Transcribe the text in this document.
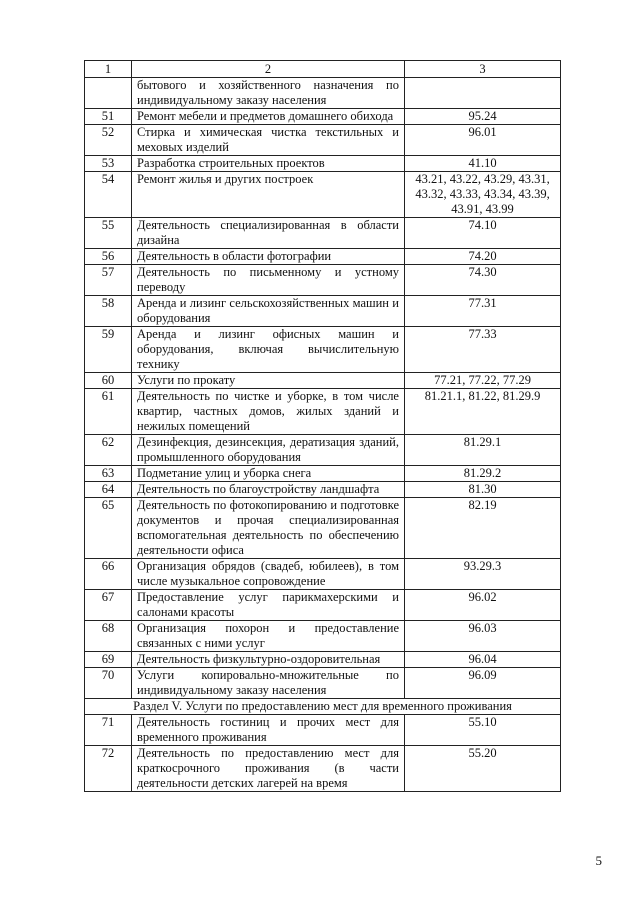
1	2	3
	бытового и хозяйственного назначения по индивидуальному заказу населения	
51	Ремонт мебели и предметов домашнего обихода	95.24
52	Стирка и химическая чистка текстильных и меховых изделий	96.01
53	Разработка строительных проектов	41.10
54	Ремонт жилья и других построек	43.21, 43.22, 43.29, 43.31, 43.32, 43.33, 43.34, 43.39, 43.91, 43.99
55	Деятельность специализированная в области дизайна	74.10
56	Деятельность в области фотографии	74.20
57	Деятельность по письменному и устному переводу	74.30
58	Аренда и лизинг сельскохозяйственных машин и оборудования	77.31
59	Аренда и лизинг офисных машин и оборудования, включая вычислительную технику	77.33
60	Услуги по прокату	77.21, 77.22, 77.29
61	Деятельность по чистке и уборке, в том числе квартир, частных домов, жилых зданий и нежилых помещений	81.21.1, 81.22, 81.29.9
62	Дезинфекция, дезинсекция, дератизация зданий, промышленного оборудования	81.29.1
63	Подметание улиц и уборка снега	81.29.2
64	Деятельность по благоустройству ландшафта	81.30
65	Деятельность по фотокопированию и подготовке документов и прочая специализированная вспомогательная деятельность по обеспечению деятельности офиса	82.19
66	Организация обрядов (свадеб, юбилеев), в том числе музыкальное сопровождение	93.29.3
67	Предоставление услуг парикмахерскими и салонами красоты	96.02
68	Организация похорон и предоставление связанных с ними услуг	96.03
69	Деятельность физкультурно-оздоровительная	96.04
70	Услуги копировально-множительные по индивидуальному заказу населения	96.09
Раздел V. Услуги по предоставлению мест для временного проживания		
71	Деятельность гостиниц и прочих мест для временного проживания	55.10
72	Деятельность по предоставлению мест для краткосрочного проживания (в части деятельности детских лагерей на время	55.20
5
